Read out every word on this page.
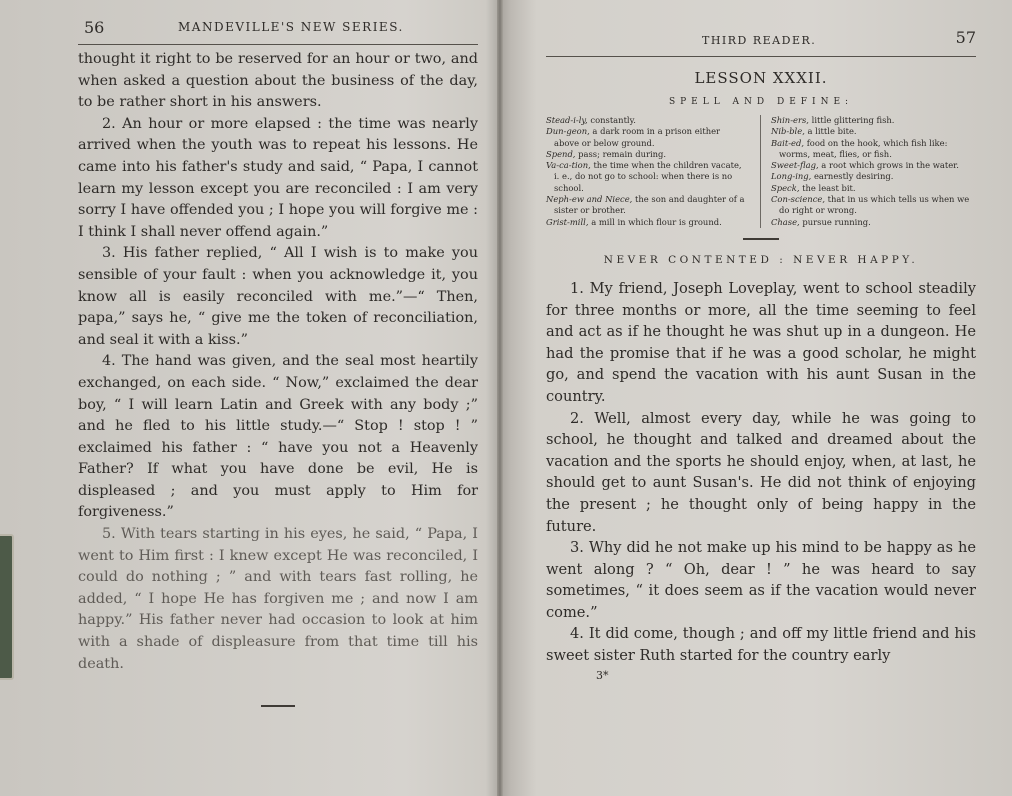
56	MANDEVILLE'S NEW SERIES.

thought it right to be reserved for an hour or two, and when asked a question about the business of the day, to be rather short in his answers.

2. An hour or more elapsed : the time was nearly arrived when the youth was to repeat his lessons. He came into his father's study and said, “ Papa, I cannot learn my lesson except you are reconciled : I am very sorry I have offended you ; I hope you will forgive me : I think I shall never offend again.”

3. His father replied, “ All I wish is to make you sensible of your fault : when you acknowledge it, you know all is easily reconciled with me.”—“ Then, papa,” says he, “ give me the token of reconciliation, and seal it with a kiss.”

4. The hand was given, and the seal most heartily exchanged, on each side. “ Now,” exclaimed the dear boy, “ I will learn Latin and Greek with any body ;” and he fled to his little study.—“ Stop ! stop ! ” exclaimed his father : “ have you not a Heavenly Father? If what you have done be evil, He is displeased ; and you must apply to Him for forgiveness.”

5. With tears starting in his eyes, he said, “ Papa, I went to Him first : I knew except He was reconciled, I could do nothing ; ” and with tears fast rolling, he added, “ I hope He has forgiven me ; and now I am happy.” His father never had occasion to look at him with a shade of displeasure from that time till his death.

THIRD READER.	57
LESSON XXXII.
SPELL AND DEFINE:
Stead-i-ly, constantly.
Dun-geon, a dark room in a prison either above or below ground.
Spend, pass; remain during.
Va-ca-tion, the time when the children vacate, i. e., do not go to school: when there is no school.
Neph-ew and Niece, the son and daughter of a sister or brother.
Grist-mill, a mill in which flour is ground.
Shin-ers, little glittering fish.
Nib-ble, a little bite.
Bait-ed, food on the hook, which fish like: worms, meat, flies, or fish.
Sweet-flag, a root which grows in the water.
Long-ing, earnestly desiring.
Speck, the least bit.
Con-science, that in us which tells us when we do right or wrong.
Chase, pursue running.
NEVER CONTENTED : NEVER HAPPY.

1. My friend, Joseph Loveplay, went to school steadily for three months or more, all the time seeming to feel and act as if he thought he was shut up in a dungeon. He had the promise that if he was a good scholar, he might go, and spend the vacation with his aunt Susan in the country.

2. Well, almost every day, while he was going to school, he thought and talked and dreamed about the vacation and the sports he should enjoy, when, at last, he should get to aunt Susan's. He did not think of enjoying the present ; he thought only of being happy in the future.

3. Why did he not make up his mind to be happy as he went along ? “ Oh, dear ! ” he was heard to say sometimes, “ it does seem as if the vacation would never come.”

4. It did come, though ; and off my little friend and his sweet sister Ruth started for the country early

3*
